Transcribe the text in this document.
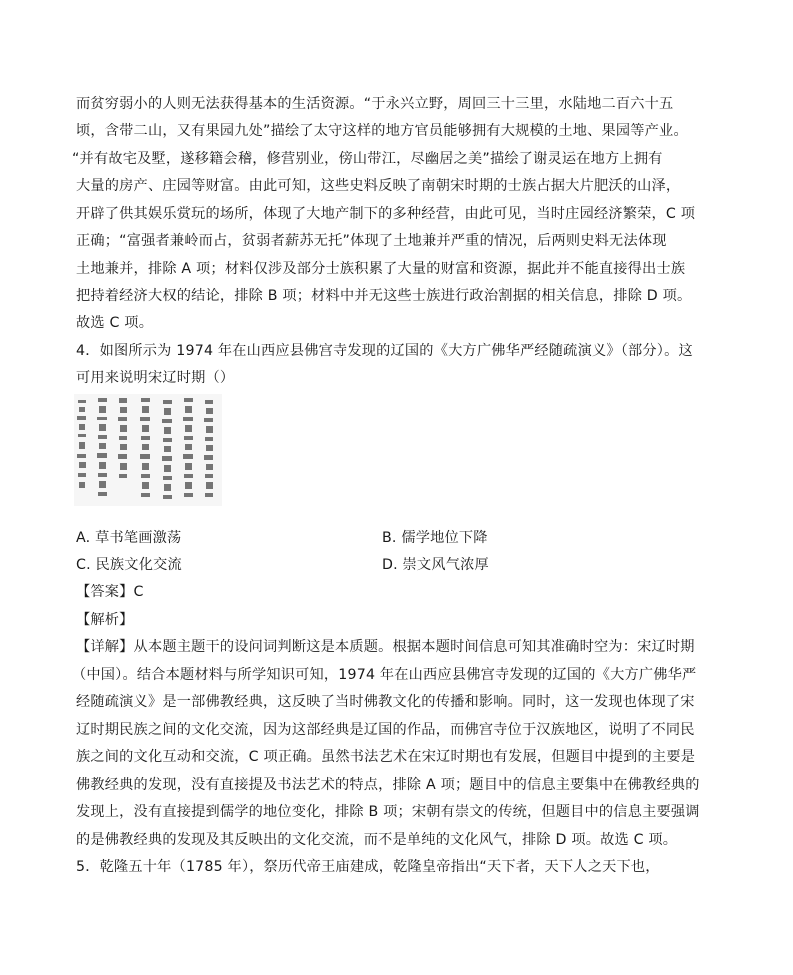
而贫穷弱小的人则无法获得基本的生活资源。“于永兴立野，周回三十三里，水陆地二百六十五
顷，含带二山，又有果园九处”描绘了太守这样的地方官员能够拥有大规模的土地、果园等产业。
“并有故宅及墅，遂移籍会稽，修营别业，傍山带江，尽幽居之美”描绘了谢灵运在地方上拥有
大量的房产、庄园等财富。由此可知，这些史料反映了南朝宋时期的士族占据大片肥沃的山泽，
开辟了供其娱乐赏玩的场所，体现了大地产制下的多种经营，由此可见，当时庄园经济繁荣，C 项
正确；“富强者兼岭而占，贫弱者薪苏无托”体现了土地兼并严重的情况，后两则史料无法体现
土地兼并，排除 A 项；材料仅涉及部分士族积累了大量的财富和资源，据此并不能直接得出士族
把持着经济大权的结论，排除 B 项；材料中并无这些士族进行政治割据的相关信息，排除 D 项。
故选 C 项。
4．如图所示为 1974 年在山西应县佛宫寺发现的辽国的《大方广佛华严经随疏演义》（部分）。这
可用来说明宋辽时期（）
A. 草书笔画激荡	B. 儒学地位下降
C. 民族文化交流	D. 崇文风气浓厚
【答案】C
【解析】
【详解】从本题主题干的设问词判断这是本质题。根据本题时间信息可知其准确时空为：宋辽时期
（中国）。结合本题材料与所学知识可知，1974 年在山西应县佛宫寺发现的辽国的《大方广佛华严
经随疏演义》是一部佛教经典，这反映了当时佛教文化的传播和影响。同时，这一发现也体现了宋
辽时期民族之间的文化交流，因为这部经典是辽国的作品，而佛宫寺位于汉族地区，说明了不同民
族之间的文化互动和交流，C 项正确。虽然书法艺术在宋辽时期也有发展，但题目中提到的主要是
佛教经典的发现，没有直接提及书法艺术的特点，排除 A 项；题目中的信息主要集中在佛教经典的
发现上，没有直接提到儒学的地位变化，排除 B 项；宋朝有崇文的传统，但题目中的信息主要强调
的是佛教经典的发现及其反映出的文化交流，而不是单纯的文化风气，排除 D 项。故选 C 项。
5．乾隆五十年（1785 年），祭历代帝王庙建成，乾隆皇帝指出“天下者，天下人之天下也，
